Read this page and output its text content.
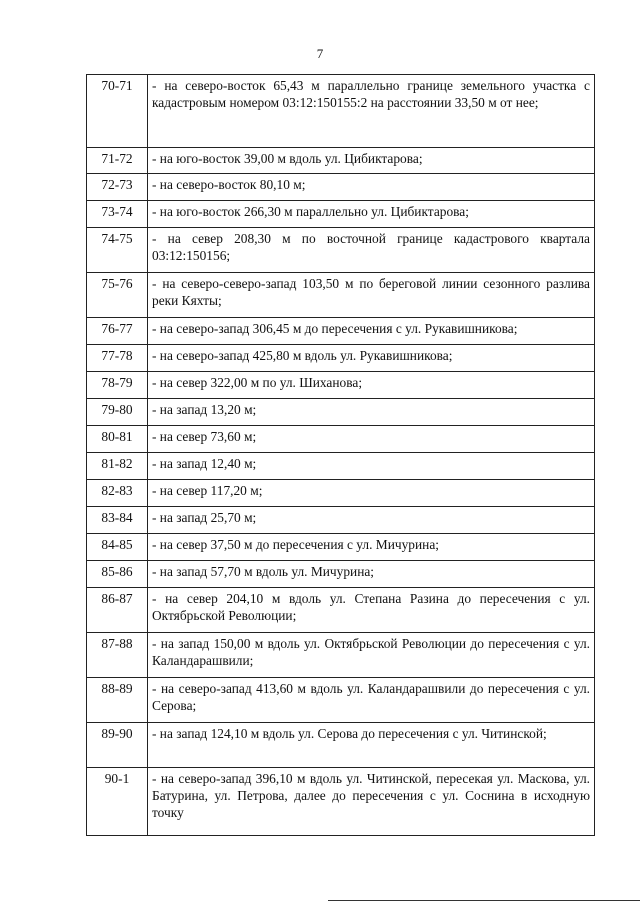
7
70-71	- на северо-восток 65,43 м параллельно границе земельного участка с кадастровым номером 03:12:150155:2 на расстоянии 33,50 м от нее;
71-72	- на юго-восток 39,00 м вдоль ул. Цибиктарова;
72-73	- на северо-восток 80,10 м;
73-74	- на юго-восток 266,30 м параллельно ул. Цибиктарова;
74-75	- на север 208,30 м по восточной границе кадастрового квартала 03:12:150156;
75-76	- на северо-северо-запад 103,50 м по береговой линии сезонного разлива реки Кяхты;
76-77	- на северо-запад 306,45 м до пересечения с ул. Рукавишникова;
77-78	- на северо-запад 425,80 м вдоль ул. Рукавишникова;
78-79	- на север 322,00 м по ул. Шиханова;
79-80	- на запад 13,20 м;
80-81	- на север 73,60 м;
81-82	- на запад 12,40 м;
82-83	- на север 117,20 м;
83-84	- на запад 25,70 м;
84-85	- на север 37,50 м до пересечения с ул. Мичурина;
85-86	- на запад 57,70 м вдоль ул. Мичурина;
86-87	- на север 204,10 м вдоль ул. Степана Разина до пересечения с ул. Октябрьской Революции;
87-88	- на запад 150,00 м вдоль ул. Октябрьской Революции до пересечения с ул. Каландарашвили;
88-89	- на северо-запад 413,60 м вдоль ул. Каландарашвили до пересечения с ул. Серова;
89-90	- на запад 124,10 м вдоль ул. Серова до пересечения с ул. Читинской;
90-1	- на северо-запад 396,10 м вдоль ул. Читинской, пересекая ул. Маскова, ул. Батурина, ул. Петрова, далее до пересечения с ул. Соснина в исходную точку
